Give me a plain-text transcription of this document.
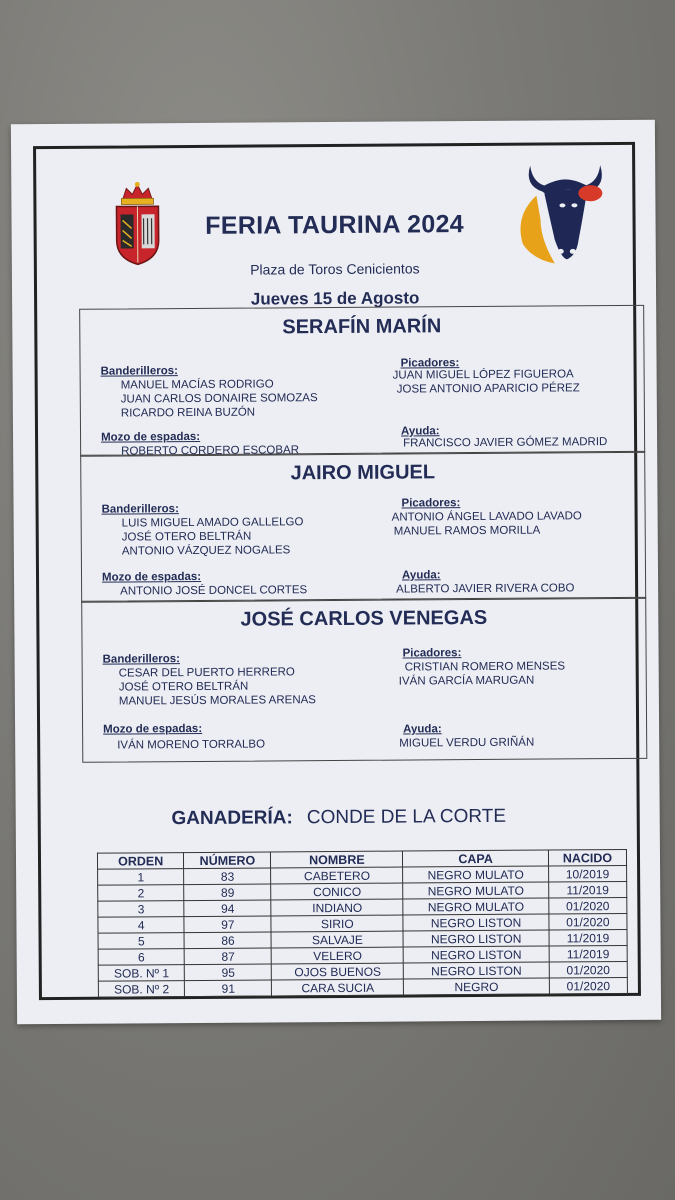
FERIA TAURINA 2024
Plaza de Toros Cenicientos
Jueves 15 de Agosto
SERAFÍN MARÍN
Banderilleros:
MANUEL MACÍAS RODRIGO
JUAN CARLOS DONAIRE SOMOZAS
RICARDO REINA BUZÓN
Picadores:
JUAN MIGUEL LÓPEZ FIGUEROA
JOSE ANTONIO APARICIO PÉREZ
Mozo de espadas:
ROBERTO CORDERO ESCOBAR
Ayuda:
FRANCISCO JAVIER GÓMEZ MADRID
JAIRO MIGUEL
Banderilleros:
LUIS MIGUEL AMADO GALLELGO
JOSÉ OTERO BELTRÁN
ANTONIO VÁZQUEZ NOGALES
Picadores:
ANTONIO ÁNGEL LAVADO LAVADO
MANUEL RAMOS MORILLA
Mozo de espadas:
ANTONIO JOSÉ DONCEL CORTES
Ayuda:
ALBERTO JAVIER RIVERA COBO
JOSÉ CARLOS VENEGAS
Banderilleros:
CESAR DEL PUERTO HERRERO
JOSÉ OTERO BELTRÁN
MANUEL JESÚS MORALES ARENAS
Picadores:
CRISTIAN ROMERO MENSES
IVÁN GARCÍA MARUGAN
Mozo de espadas:
IVÁN MORENO TORRALBO
Ayuda:
MIGUEL VERDU GRIÑÁN
GANADERÍA: CONDE DE LA CORTE
ORDEN	NÚMERO	NOMBRE	CAPA	NACIDO
1	83	CABETERO	NEGRO MULATO	10/2019
2	89	CONICO	NEGRO MULATO	11/2019
3	94	INDIANO	NEGRO MULATO	01/2020
4	97	SIRIO	NEGRO LISTON	01/2020
5	86	SALVAJE	NEGRO LISTON	11/2019
6	87	VELERO	NEGRO LISTON	11/2019
SOB. Nº 1	95	OJOS BUENOS	NEGRO LISTON	01/2020
SOB. Nº 2	91	CARA SUCIA	NEGRO	01/2020
